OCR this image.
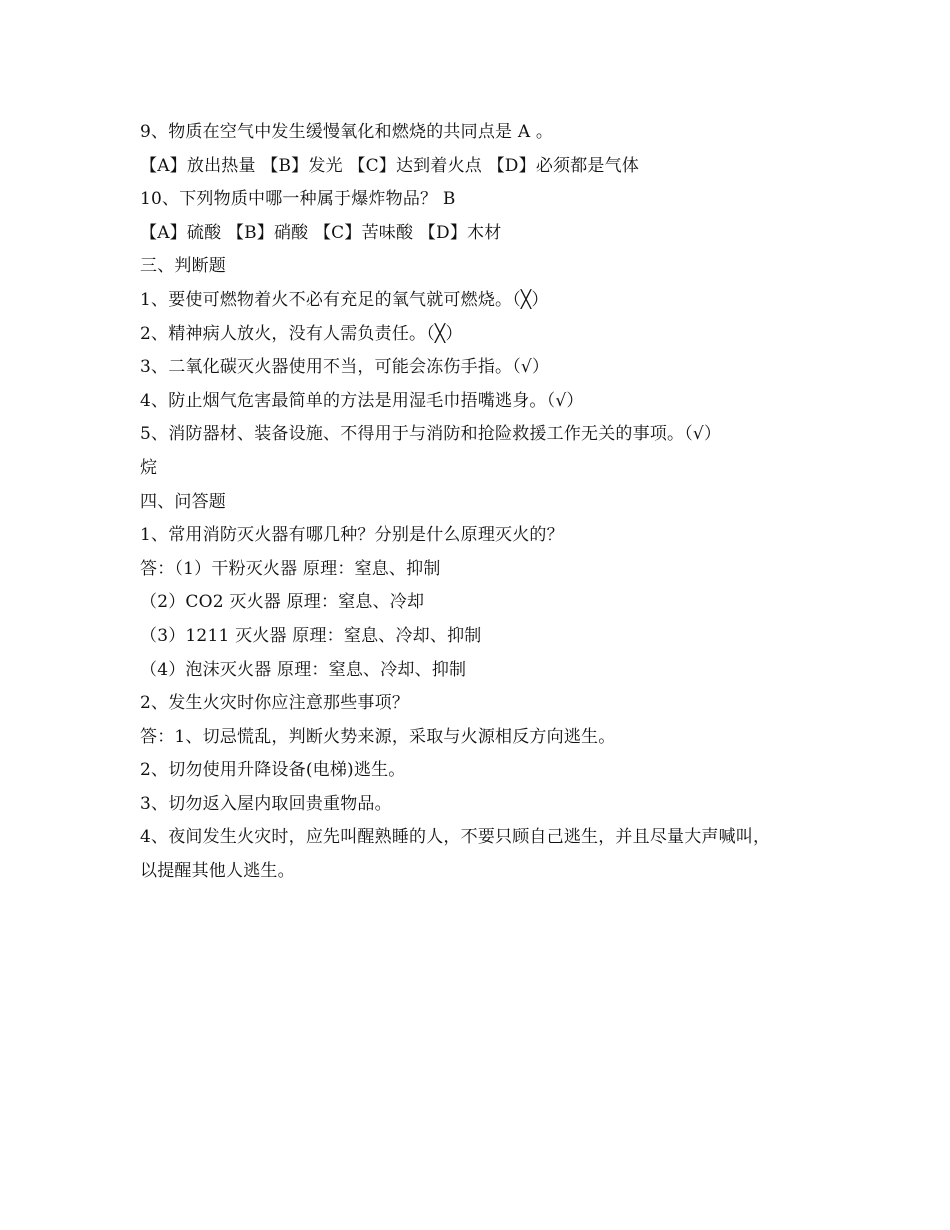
9、物质在空气中发生缓慢氧化和燃烧的共同点是 A 。
【A】放出热量 【B】发光 【C】达到着火点 【D】必须都是气体
10、下列物质中哪一种属于爆炸物品？ B
【A】硫酸 【B】硝酸 【C】苦味酸 【D】木材
三、判断题
1、要使可燃物着火不必有充足的氧气就可燃烧。（╳）
2、精神病人放火，没有人需负责任。（╳）
3、二氧化碳灭火器使用不当，可能会冻伤手指。（√）
4、防止烟气危害最简单的方法是用湿毛巾捂嘴逃身。（√）
5、消防器材、装备设施、不得用于与消防和抢险救援工作无关的事项。（√）
烷
四、问答题
1、常用消防灭火器有哪几种？分别是什么原理灭火的？
答：（1）干粉灭火器 原理：窒息、抑制
（2）CO2 灭火器 原理：窒息、冷却
（3）1211 灭火器 原理：窒息、冷却、抑制
（4）泡沫灭火器 原理：窒息、冷却、抑制
2、发生火灾时你应注意那些事项？
答：1、切忌慌乱，判断火势来源，采取与火源相反方向逃生。
2、切勿使用升降设备(电梯)逃生。
3、切勿返入屋内取回贵重物品。
4、夜间发生火灾时，应先叫醒熟睡的人，不要只顾自己逃生，并且尽量大声喊叫，
以提醒其他人逃生。
